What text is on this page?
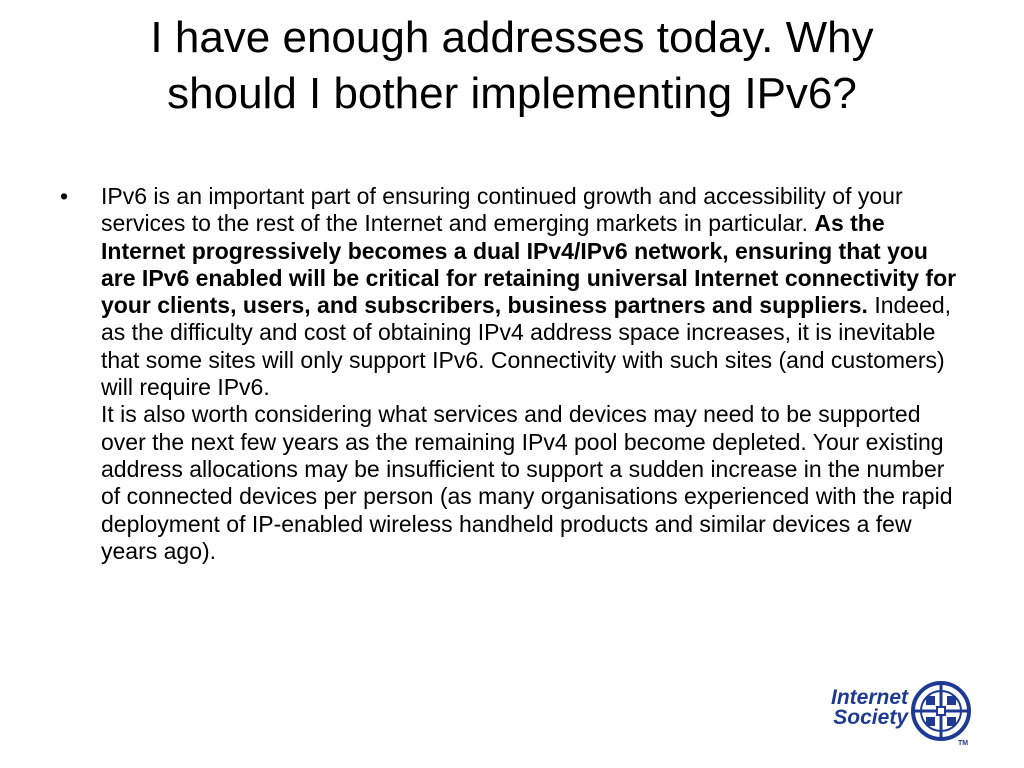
I have enough addresses today. Why
should I bother implementing IPv6?
• IPv6 is an important part of ensuring continued growth and accessibility of your services to the rest of the Internet and emerging markets in particular. As the Internet progressively becomes a dual IPv4/IPv6 network, ensuring that you are IPv6 enabled will be critical for retaining universal Internet connectivity for your clients, users, and subscribers, business partners and suppliers. Indeed, as the difficulty and cost of obtaining IPv4 address space increases, it is inevitable that some sites will only support IPv6. Connectivity with such sites (and customers) will require IPv6.
It is also worth considering what services and devices may need to be supported over the next few years as the remaining IPv4 pool become depleted. Your existing address allocations may be insufficient to support a sudden increase in the number of connected devices per person (as many organisations experienced with the rapid deployment of IP-enabled wireless handheld products and similar devices a few years ago).
Internet
Society
TM
